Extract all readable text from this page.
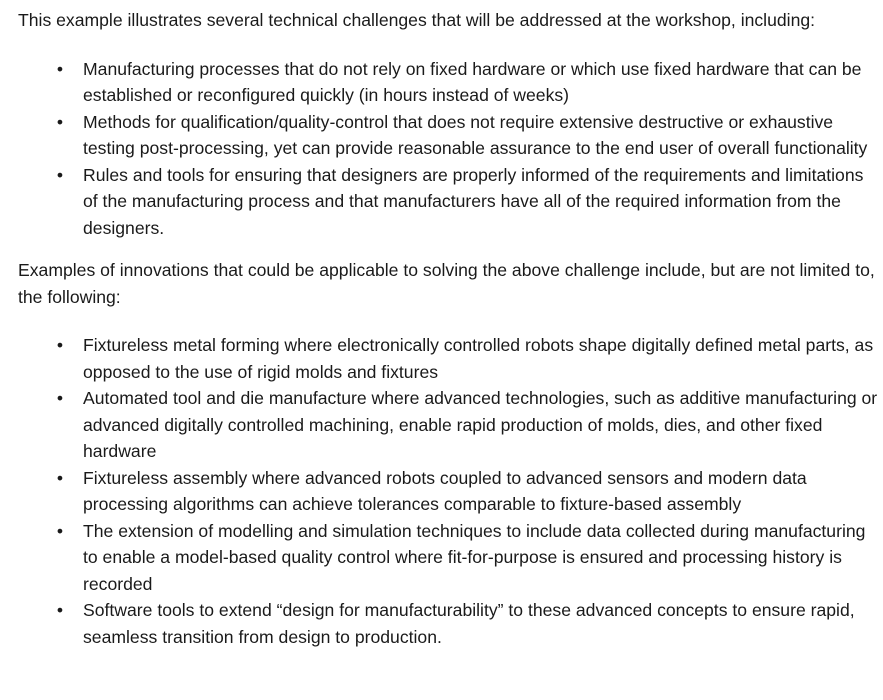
This example illustrates several technical challenges that will be addressed at the workshop, including:

•	Manufacturing processes that do not rely on fixed hardware or which use fixed hardware that can be established or reconfigured quickly (in hours instead of weeks)
•	Methods for qualification/quality-control that does not require extensive destructive or exhaustive testing post-processing, yet can provide reasonable assurance to the end user of overall functionality
•	Rules and tools for ensuring that designers are properly informed of the requirements and limitations of the manufacturing process and that manufacturers have all of the required information from the designers.

Examples of innovations that could be applicable to solving the above challenge include, but are not limited to, the following:

•	Fixtureless metal forming where electronically controlled robots shape digitally defined metal parts, as opposed to the use of rigid molds and fixtures
•	Automated tool and die manufacture where advanced technologies, such as additive manufacturing or advanced digitally controlled machining, enable rapid production of molds, dies, and other fixed hardware
•	Fixtureless assembly where advanced robots coupled to advanced sensors and modern data processing algorithms can achieve tolerances comparable to fixture-based assembly
•	The extension of modelling and simulation techniques to include data collected during manufacturing to enable a model-based quality control where fit-for-purpose is ensured and processing history is recorded
•	Software tools to extend “design for manufacturability” to these advanced concepts to ensure rapid, seamless transition from design to production.
